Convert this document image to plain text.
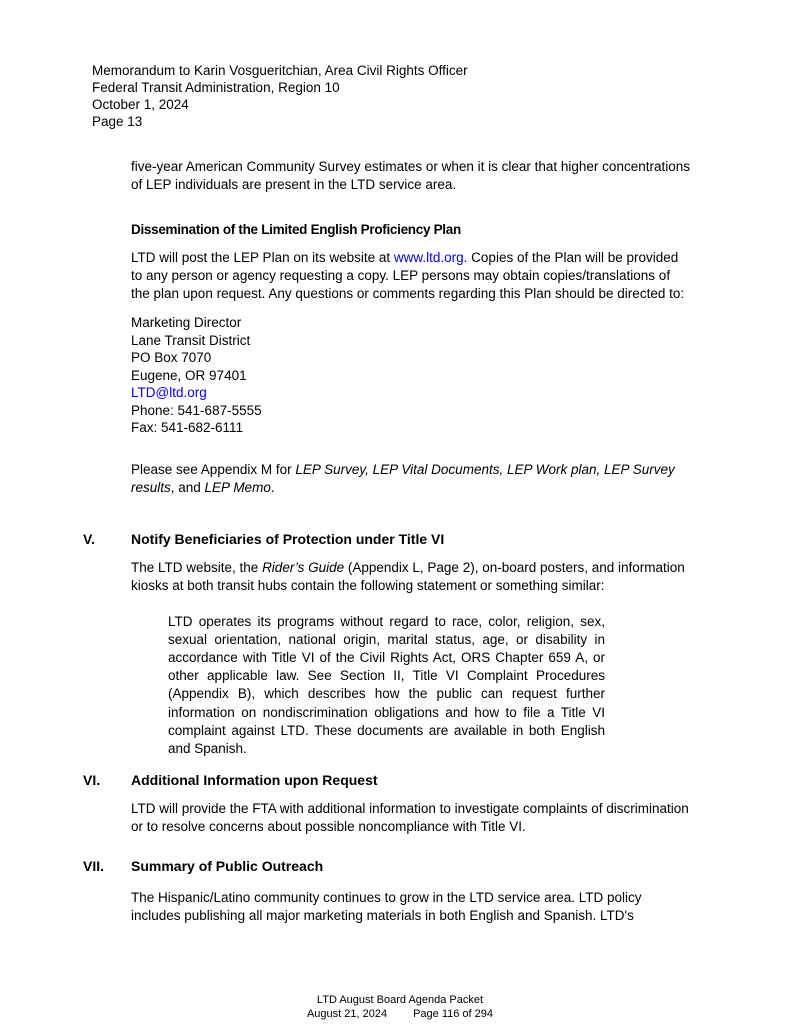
Memorandum to Karin Vosgueritchian, Area Civil Rights Officer
Federal Transit Administration, Region 10
October 1, 2024
Page 13
five-year American Community Survey estimates or when it is clear that higher concentrations of LEP individuals are present in the LTD service area.
Dissemination of the Limited English Proficiency Plan
LTD will post the LEP Plan on its website at www.ltd.org. Copies of the Plan will be provided to any person or agency requesting a copy. LEP persons may obtain copies/translations of the plan upon request. Any questions or comments regarding this Plan should be directed to:
Marketing Director
Lane Transit District
PO Box 7070
Eugene, OR 97401
LTD@ltd.org
Phone: 541-687-5555
Fax: 541-682-6111
Please see Appendix M for LEP Survey, LEP Vital Documents, LEP Work plan, LEP Survey results, and LEP Memo.
V.	Notify Beneficiaries of Protection under Title VI
The LTD website, the Rider’s Guide (Appendix L, Page 2), on-board posters, and information kiosks at both transit hubs contain the following statement or something similar:
LTD operates its programs without regard to race, color, religion, sex, sexual orientation, national origin, marital status, age, or disability in accordance with Title VI of the Civil Rights Act, ORS Chapter 659 A, or other applicable law. See Section II, Title VI Complaint Procedures (Appendix B), which describes how the public can request further information on nondiscrimination obligations and how to file a Title VI complaint against LTD. These documents are available in both English and Spanish.
VI.	Additional Information upon Request
LTD will provide the FTA with additional information to investigate complaints of discrimination or to resolve concerns about possible noncompliance with Title VI.
VII.	Summary of Public Outreach
The Hispanic/Latino community continues to grow in the LTD service area. LTD policy includes publishing all major marketing materials in both English and Spanish. LTD's
LTD August Board Agenda Packet
August 21, 2024 Page 116 of 294
